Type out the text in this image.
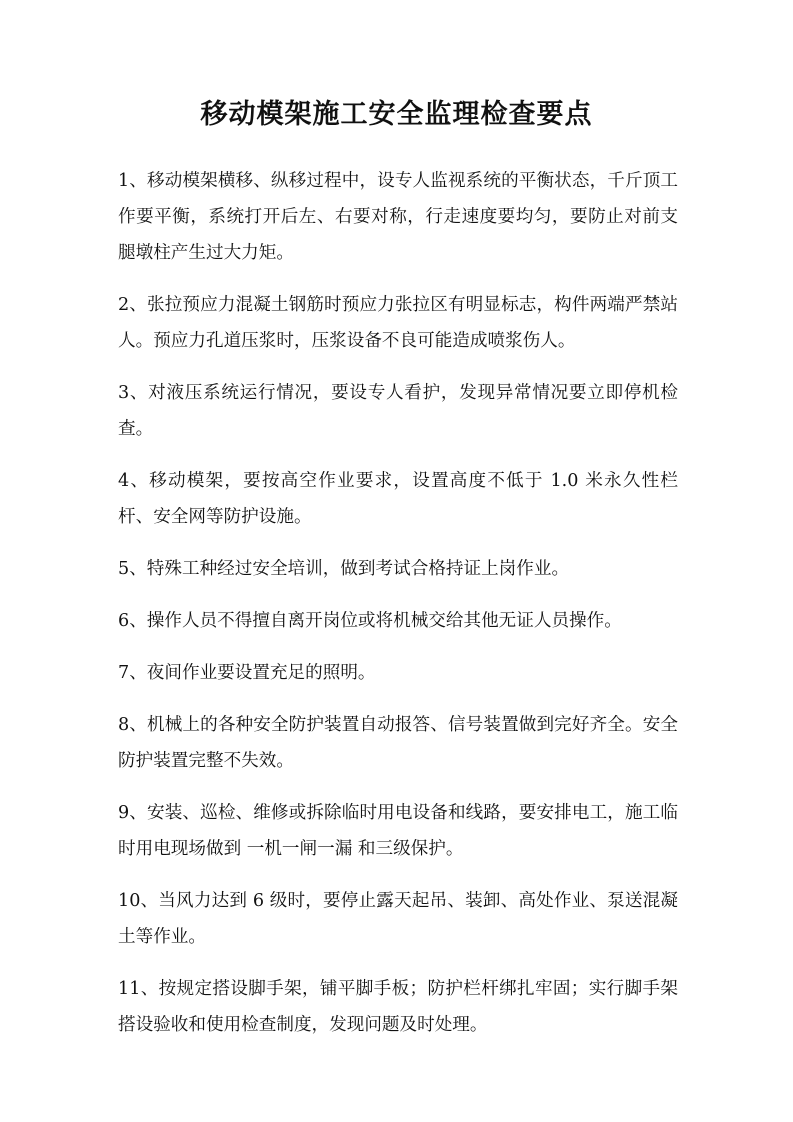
移动模架施工安全监理检查要点

1、移动模架横移、纵移过程中，设专人监视系统的平衡状态，千斤顶工作要平衡，系统打开后左、右要对称，行走速度要均匀，要防止对前支腿墩柱产生过大力矩。

2、张拉预应力混凝土钢筋时预应力张拉区有明显标志，构件两端严禁站人。预应力孔道压浆时，压浆设备不良可能造成喷浆伤人。

3、对液压系统运行情况，要设专人看护，发现异常情况要立即停机检查。

4、移动模架，要按高空作业要求，设置高度不低于 1.0 米永久性栏杆、安全网等防护设施。

5、特殊工种经过安全培训，做到考试合格持证上岗作业。

6、操作人员不得擅自离开岗位或将机械交给其他无证人员操作。

7、夜间作业要设置充足的照明。

8、机械上的各种安全防护装置自动报答、信号装置做到完好齐全。安全防护装置完整不失效。

9、安装、巡检、维修或拆除临时用电设备和线路，要安排电工，施工临时用电现场做到 一机一闸一漏 和三级保护。

10、当风力达到 6 级时，要停止露天起吊、装卸、高处作业、泵送混凝土等作业。

11、按规定搭设脚手架，铺平脚手板；防护栏杆绑扎牢固；实行脚手架搭设验收和使用检查制度，发现问题及时处理。
